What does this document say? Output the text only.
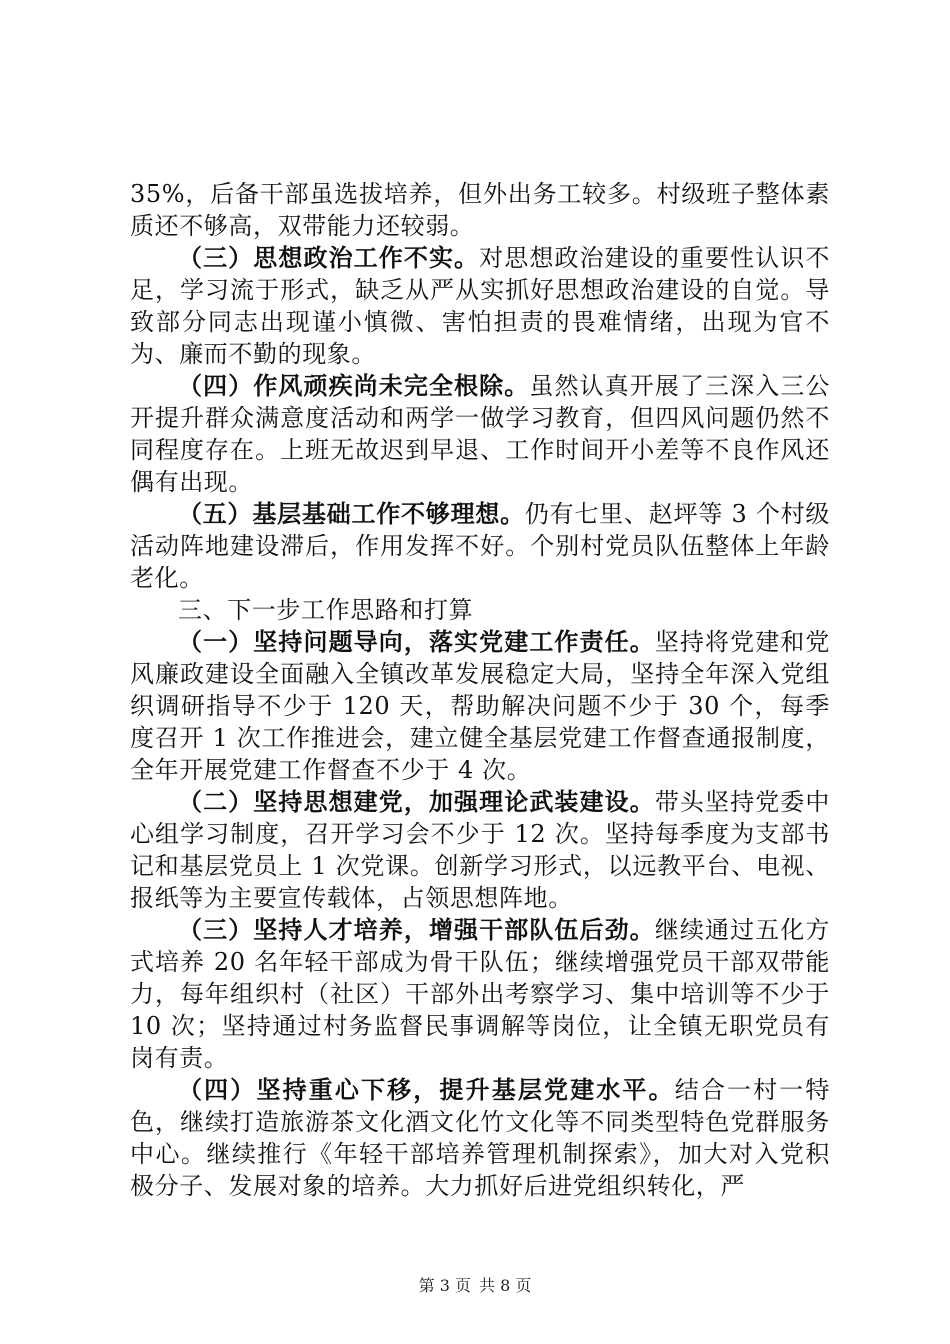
35%，后备干部虽选拔培养，但外出务工较多。村级班子整体素质还不够高，双带能力还较弱。

（三）思想政治工作不实。对思想政治建设的重要性认识不足，学习流于形式，缺乏从严从实抓好思想政治建设的自觉。导致部分同志出现谨小慎微、害怕担责的畏难情绪，出现为官不为、廉而不勤的现象。

（四）作风顽疾尚未完全根除。虽然认真开展了三深入三公开提升群众满意度活动和两学一做学习教育，但四风问题仍然不同程度存在。上班无故迟到早退、工作时间开小差等不良作风还偶有出现。

（五）基层基础工作不够理想。仍有七里、赵坪等 3 个村级活动阵地建设滞后，作用发挥不好。个别村党员队伍整体上年龄老化。

三、下一步工作思路和打算

（一）坚持问题导向，落实党建工作责任。坚持将党建和党风廉政建设全面融入全镇改革发展稳定大局，坚持全年深入党组织调研指导不少于 120 天，帮助解决问题不少于 30 个，每季度召开 1 次工作推进会，建立健全基层党建工作督查通报制度，全年开展党建工作督查不少于 4 次。

（二）坚持思想建党，加强理论武装建设。带头坚持党委中心组学习制度，召开学习会不少于 12 次。坚持每季度为支部书记和基层党员上 1 次党课。创新学习形式，以远教平台、电视、报纸等为主要宣传载体，占领思想阵地。

（三）坚持人才培养，增强干部队伍后劲。继续通过五化方式培养 20 名年轻干部成为骨干队伍；继续增强党员干部双带能力，每年组织村（社区）干部外出考察学习、集中培训等不少于 10 次；坚持通过村务监督民事调解等岗位，让全镇无职党员有岗有责。

（四）坚持重心下移，提升基层党建水平。结合一村一特色，继续打造旅游茶文化酒文化竹文化等不同类型特色党群服务中心。继续推行《年轻干部培养管理机制探索》，加大对入党积极分子、发展对象的培养。大力抓好后进党组织转化，严

第 3 页 共 8 页
